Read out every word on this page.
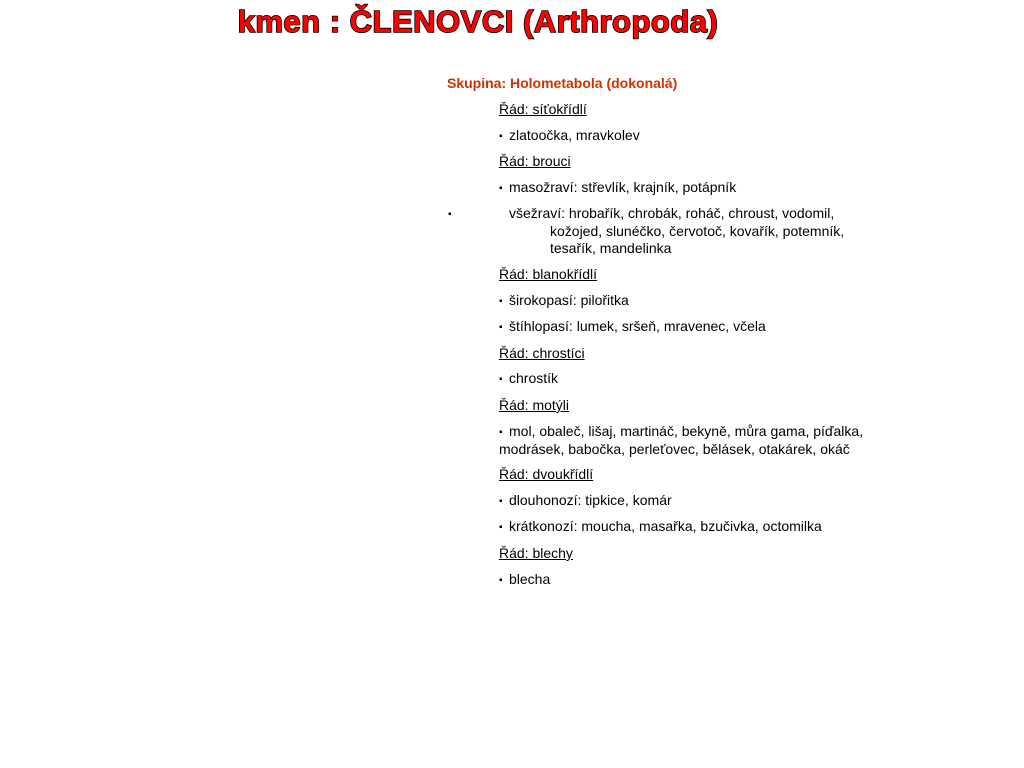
kmen : ČLENOVCI (Arthropoda)
Skupina: Holometabola (dokonalá)
Řád: síťokřídlí
▪ zlatoočka, mravkolev
Řád: brouci
▪ masožraví: střevlík, krajník, potápník
▪	všežraví: hrobařík, chrobák, roháč, chroust, vodomil, kožojed, slunéčko, červotoč, kovařík, potemník, tesařík, mandelinka
Řád: blanokřídlí
▪ širokopasí: pilořitka
▪ štíhlopasí: lumek, sršeň, mravenec, včela
Řád: chrostíci
▪ chrostík
Řád: motýli
▪ mol, obaleč, lišaj, martináč, bekyně, můra gama, píďalka, modrásek, babočka, perleťovec, bělásek, otakárek, okáč
Řád: dvoukřídlí
▪ dlouhonozí: tipkice, komár
▪ krátkonozí: moucha, masařka, bzučivka, octomilka
Řád: blechy
▪ blecha
